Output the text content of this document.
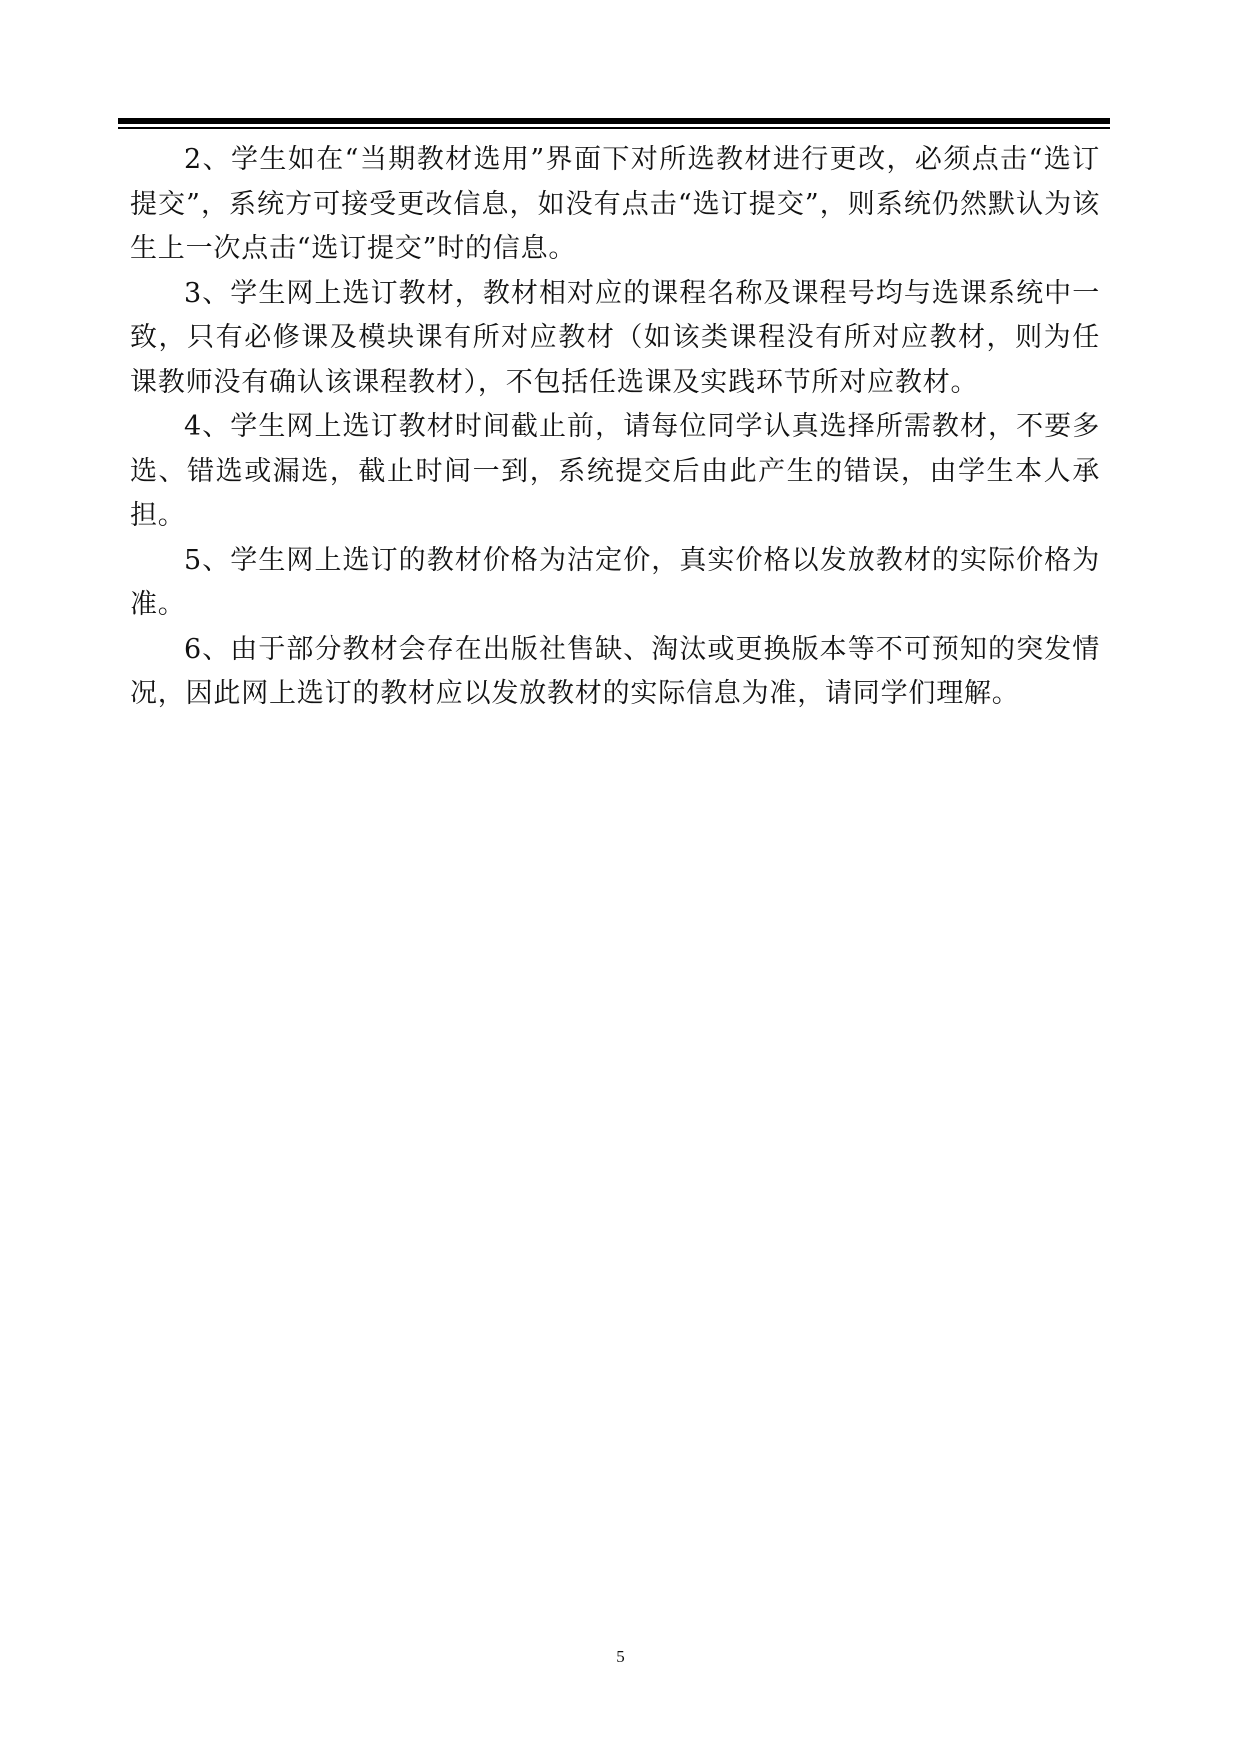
2、学生如在“当期教材选用”界面下对所选教材进行更改，必须点击“选订提交”，系统方可接受更改信息，如没有点击“选订提交”，则系统仍然默认为该生上一次点击“选订提交”时的信息。

3、学生网上选订教材，教材相对应的课程名称及课程号均与选课系统中一致，只有必修课及模块课有所对应教材（如该类课程没有所对应教材，则为任课教师没有确认该课程教材），不包括任选课及实践环节所对应教材。

4、学生网上选订教材时间截止前，请每位同学认真选择所需教材，不要多选、错选或漏选，截止时间一到，系统提交后由此产生的错误，由学生本人承担。

5、学生网上选订的教材价格为沽定价，真实价格以发放教材的实际价格为准。

6、由于部分教材会存在出版社售缺、淘汰或更换版本等不可预知的突发情况，因此网上选订的教材应以发放教材的实际信息为准，请同学们理解。

5
